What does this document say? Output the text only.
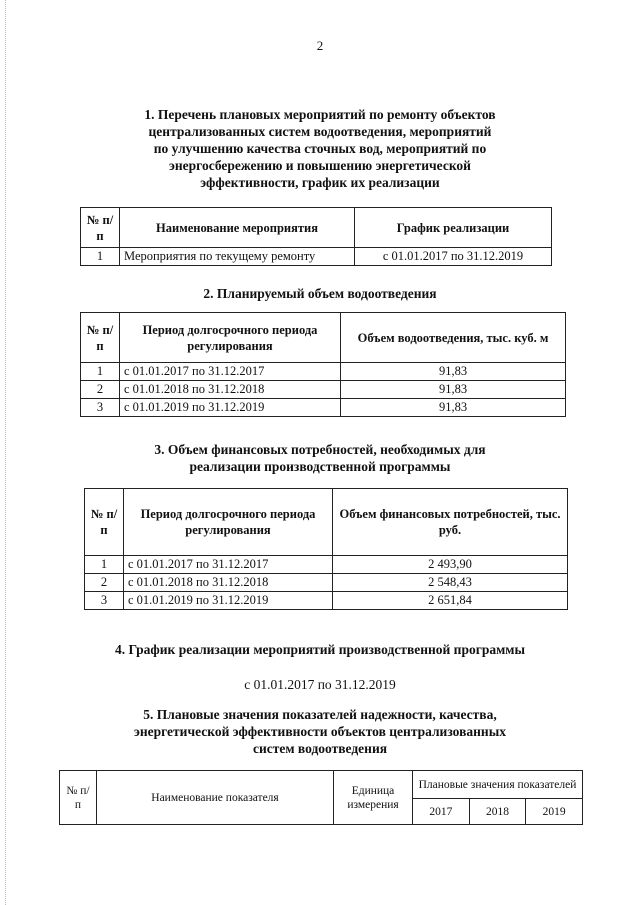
2
1. Перечень плановых мероприятий по ремонту объектов
централизованных систем водоотведения, мероприятий
по улучшению качества сточных вод, мероприятий по
энергосбережению и повышению энергетической
эффективности, график их реализации
№ п/п	Наименование мероприятия	График реализации
1	Мероприятия по текущему ремонту	с 01.01.2017 по 31.12.2019
2. Планируемый объем водоотведения
№ п/п	Период долгосрочного периода регулирования	Объем водоотведения, тыс. куб. м
1	с 01.01.2017 по 31.12.2017	91,83
2	с 01.01.2018 по 31.12.2018	91,83
3	с 01.01.2019 по 31.12.2019	91,83
3. Объем финансовых потребностей, необходимых для
реализации производственной программы
№ п/п	Период долгосрочного периода регулирования	Объем финансовых потребностей, тыс. руб.
1	с 01.01.2017 по 31.12.2017	2 493,90
2	с 01.01.2018 по 31.12.2018	2 548,43
3	с 01.01.2019 по 31.12.2019	2 651,84
4. График реализации мероприятий производственной программы
с 01.01.2017 по 31.12.2019
5. Плановые значения показателей надежности, качества,
энергетической эффективности объектов централизованных
систем водоотведения
№ п/п	Наименование показателя	Единица измерения	Плановые значения показателей		
			2017	2018	2019
